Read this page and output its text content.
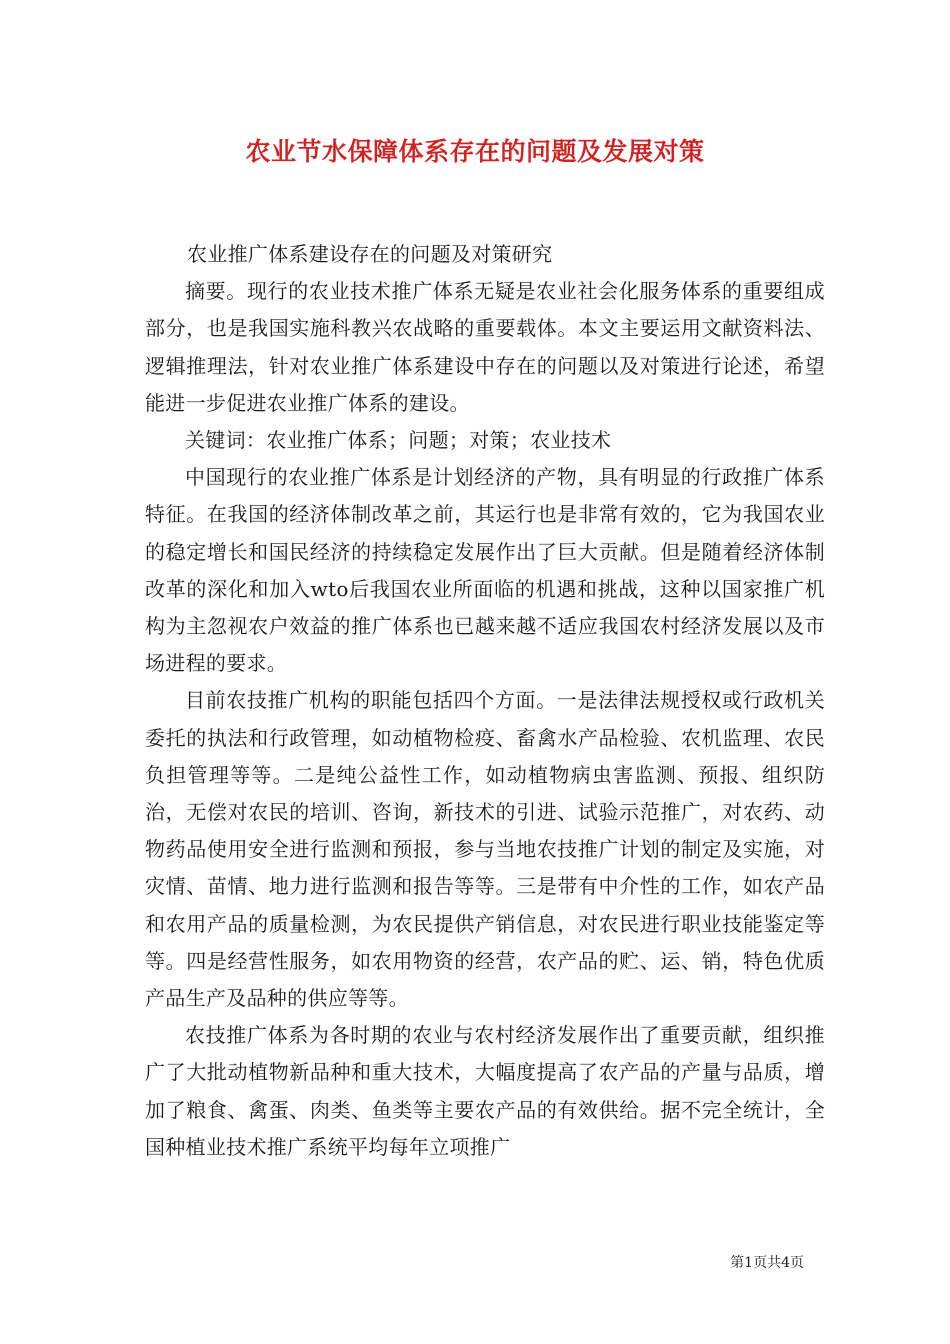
农业节水保障体系存在的问题及发展对策

农业推广体系建设存在的问题及对策研究

摘要。现行的农业技术推广体系无疑是农业社会化服务体系的重要组成部分，也是我国实施科教兴农战略的重要载体。本文主要运用文献资料法、逻辑推理法，针对农业推广体系建设中存在的问题以及对策进行论述，希望能进一步促进农业推广体系的建设。

关键词：农业推广体系；问题；对策；农业技术

中国现行的农业推广体系是计划经济的产物，具有明显的行政推广体系特征。在我国的经济体制改革之前，其运行也是非常有效的，它为我国农业的稳定增长和国民经济的持续稳定发展作出了巨大贡献。但是随着经济体制改革的深化和加入wto后我国农业所面临的机遇和挑战，这种以国家推广机构为主忽视农户效益的推广体系也已越来越不适应我国农村经济发展以及市场进程的要求。

目前农技推广机构的职能包括四个方面。一是法律法规授权或行政机关委托的执法和行政管理，如动植物检疫、畜禽水产品检验、农机监理、农民负担管理等等。二是纯公益性工作，如动植物病虫害监测、预报、组织防治，无偿对农民的培训、咨询，新技术的引进、试验示范推广，对农药、动物药品使用安全进行监测和预报，参与当地农技推广计划的制定及实施，对灾情、苗情、地力进行监测和报告等等。三是带有中介性的工作，如农产品和农用产品的质量检测，为农民提供产销信息，对农民进行职业技能鉴定等等。四是经营性服务，如农用物资的经营，农产品的贮、运、销，特色优质产品生产及品种的供应等等。

农技推广体系为各时期的农业与农村经济发展作出了重要贡献，组织推广了大批动植物新品种和重大技术，大幅度提高了农产品的产量与品质，增加了粮食、禽蛋、肉类、鱼类等主要农产品的有效供给。据不完全统计，全国种植业技术推广系统平均每年立项推广

第1页共4页
